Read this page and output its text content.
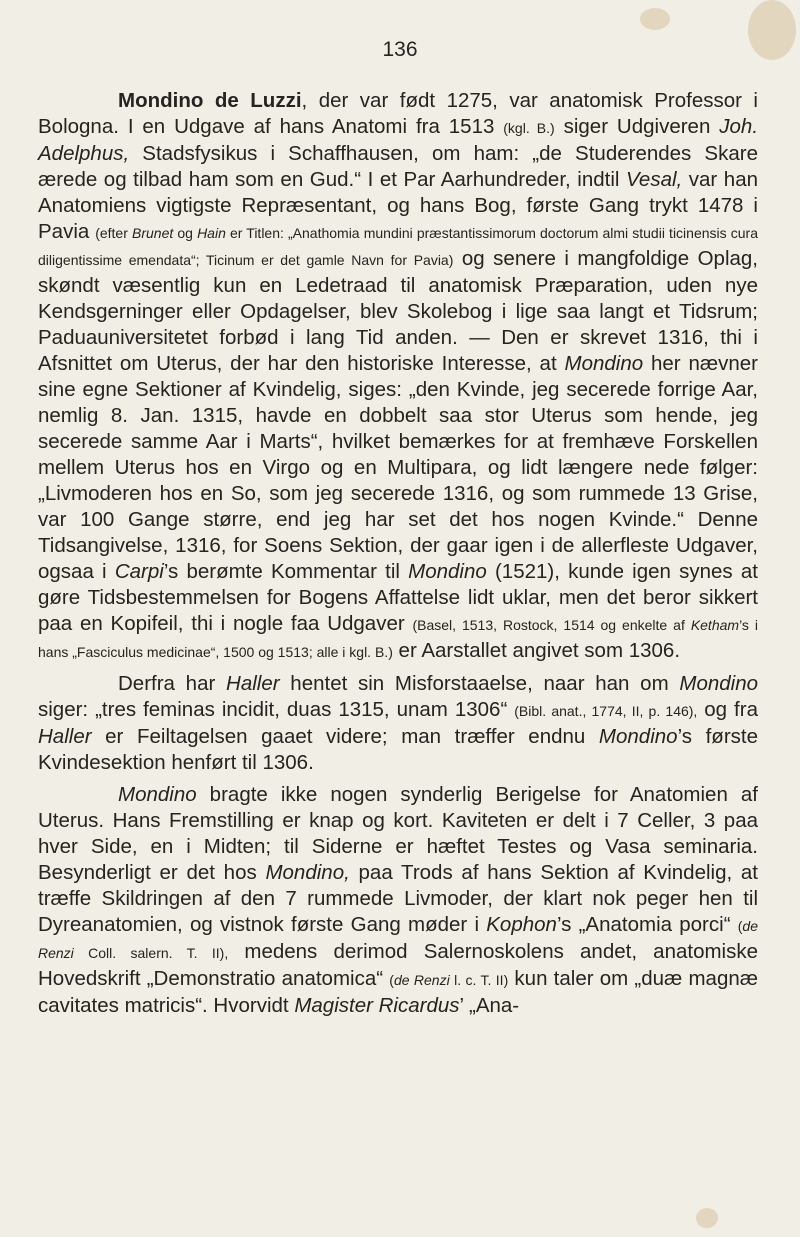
136

Mondino de Luzzi, der var født 1275, var anatomisk Professor i Bologna. I en Udgave af hans Anatomi fra 1513 (kgl. B.) siger Udgiveren Joh. Adelphus, Stadsfysikus i Schaffhausen, om ham: „de Studerendes Skare ærede og tilbad ham som en Gud.“ I et Par Aarhundreder, indtil Vesal, var han Anatomiens vigtigste Repræsentant, og hans Bog, første Gang trykt 1478 i Pavia (efter Brunet og Hain er Titlen: „Anathomia mundini præstantissimorum doctorum almi studii ticinensis cura diligentissime emendata“; Ticinum er det gamle Navn for Pavia) og senere i mangfoldige Oplag, skøndt væsentlig kun en Ledetraad til anatomisk Præparation, uden nye Kendsgerninger eller Opdagelser, blev Skolebog i lige saa langt et Tidsrum; Paduauniversitetet forbød i lang Tid anden. — Den er skrevet 1316, thi i Afsnittet om Uterus, der har den historiske Interesse, at Mondino her nævner sine egne Sektioner af Kvindelig, siges: „den Kvinde, jeg secerede forrige Aar, nemlig 8. Jan. 1315, havde en dobbelt saa stor Uterus som hende, jeg secerede samme Aar i Marts“, hvilket bemærkes for at fremhæve Forskellen mellem Uterus hos en Virgo og en Multipara, og lidt længere nede følger: „Livmoderen hos en So, som jeg secerede 1316, og som rummede 13 Grise, var 100 Gange større, end jeg har set det hos nogen Kvinde.“ Denne Tidsangivelse, 1316, for Soens Sektion, der gaar igen i de allerfleste Udgaver, ogsaa i Carpi’s berømte Kommentar til Mondino (1521), kunde igen synes at gøre Tidsbestemmelsen for Bogens Affattelse lidt uklar, men det beror sikkert paa en Kopifeil, thi i nogle faa Udgaver (Basel, 1513, Rostock, 1514 og enkelte af Ketham’s i hans „Fasciculus medicinae“, 1500 og 1513; alle i kgl. B.) er Aarstallet angivet som 1306.

Derfra har Haller hentet sin Misforstaaelse, naar han om Mondino siger: „tres feminas incidit, duas 1315, unam 1306“ (Bibl. anat., 1774, II, p. 146), og fra Haller er Feiltagelsen gaaet videre; man træffer endnu Mondino’s første Kvindesektion henført til 1306.

Mondino bragte ikke nogen synderlig Berigelse for Anatomien af Uterus. Hans Fremstilling er knap og kort. Kaviteten er delt i 7 Celler, 3 paa hver Side, en i Midten; til Siderne er hæftet Testes og Vasa seminaria. Besynderligt er det hos Mondino, paa Trods af hans Sektion af Kvindelig, at træffe Skildringen af den 7 rummede Livmoder, der klart nok peger hen til Dyreanatomien, og vistnok første Gang møder i Kophon’s „Anatomia porci“ (de Renzi Coll. salern. T. II), medens derimod Salernoskolens andet, anatomiske Hovedskrift „Demonstratio anatomica“ (de Renzi l. c. T. II) kun taler om „duæ magnæ cavitates matricis“. Hvorvidt Magister Ricardus’ „Ana-
